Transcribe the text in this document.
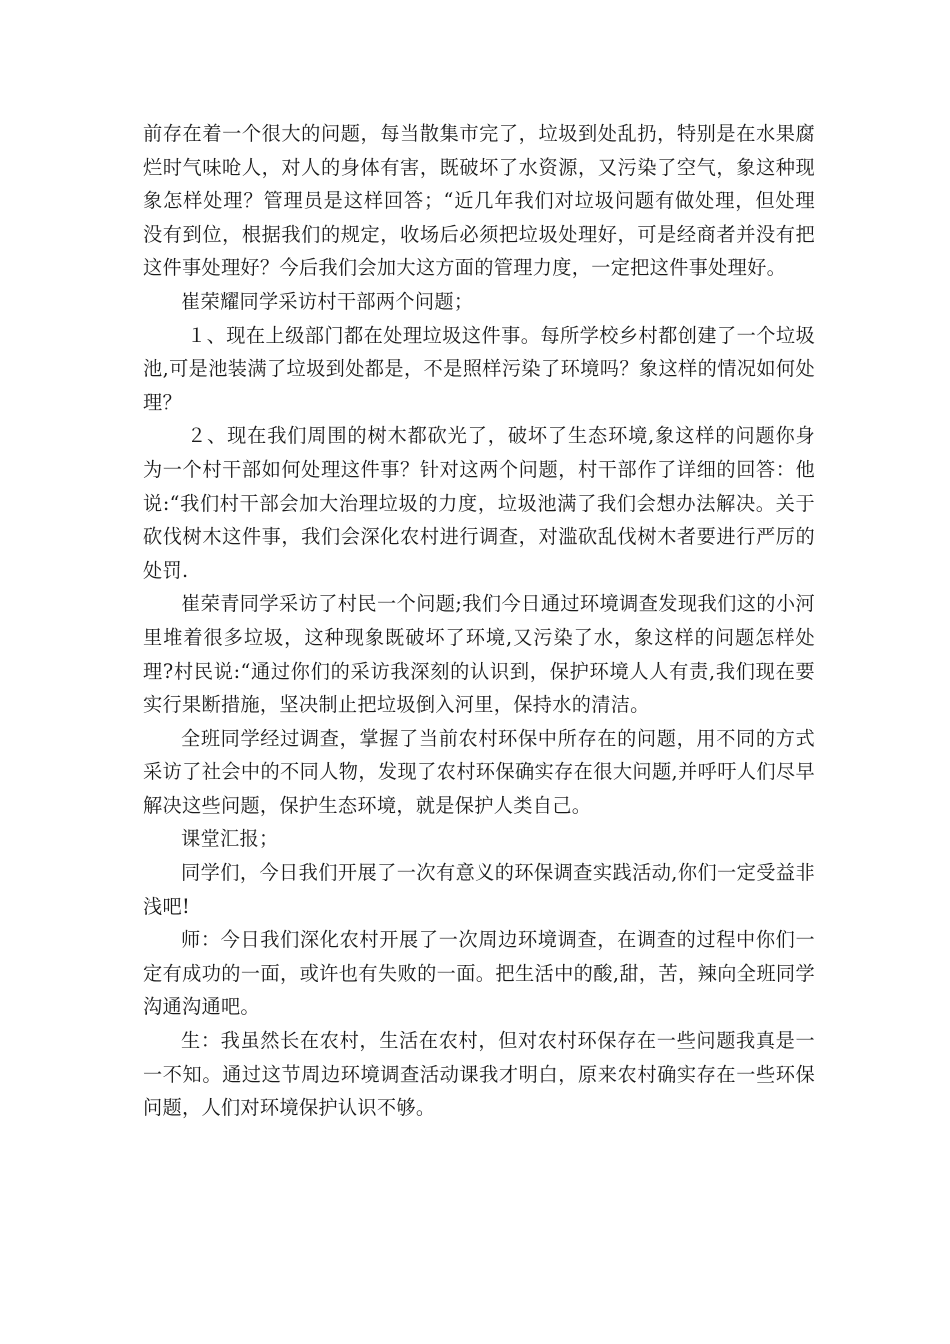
前存在着一个很大的问题，每当散集市完了，垃圾到处乱扔，特别是在水果腐烂时气味呛人，对人的身体有害，既破坏了水资源，又污染了空气，象这种现象怎样处理？管理员是这样回答；“近几年我们对垃圾问题有做处理，但处理没有到位，根据我们的规定，收场后必须把垃圾处理好，可是经商者并没有把这件事处理好？今后我们会加大这方面的管理力度，一定把这件事处理好。

崔荣耀同学采访村干部两个问题；

１、现在上级部门都在处理垃圾这件事。每所学校乡村都创建了一个垃圾池,可是池装满了垃圾到处都是，不是照样污染了环境吗？象这样的情况如何处理？

２、现在我们周围的树木都砍光了，破坏了生态环境,象这样的问题你身为一个村干部如何处理这件事？针对这两个问题，村干部作了详细的回答：他说:“我们村干部会加大治理垃圾的力度，垃圾池满了我们会想办法解决。关于砍伐树木这件事，我们会深化农村进行调查，对滥砍乱伐树木者要进行严厉的处罚.

崔荣青同学采访了村民一个问题;我们今日通过环境调查发现我们这的小河里堆着很多垃圾，这种现象既破坏了环境,又污染了水，象这样的问题怎样处理?村民说:“通过你们的采访我深刻的认识到，保护环境人人有责,我们现在要实行果断措施，坚决制止把垃圾倒入河里，保持水的清洁。

全班同学经过调查，掌握了当前农村环保中所存在的问题，用不同的方式采访了社会中的不同人物，发现了农村环保确实存在很大问题,并呼吁人们尽早解决这些问题，保护生态环境，就是保护人类自己。

课堂汇报；

同学们，今日我们开展了一次有意义的环保调查实践活动,你们一定受益非浅吧!

师：今日我们深化农村开展了一次周边环境调查，在调查的过程中你们一定有成功的一面，或许也有失败的一面。把生活中的酸,甜，苦，辣向全班同学沟通沟通吧。

生：我虽然长在农村，生活在农村，但对农村环保存在一些问题我真是一一不知。通过这节周边环境调查活动课我才明白，原来农村确实存在一些环保问题，人们对环境保护认识不够。
